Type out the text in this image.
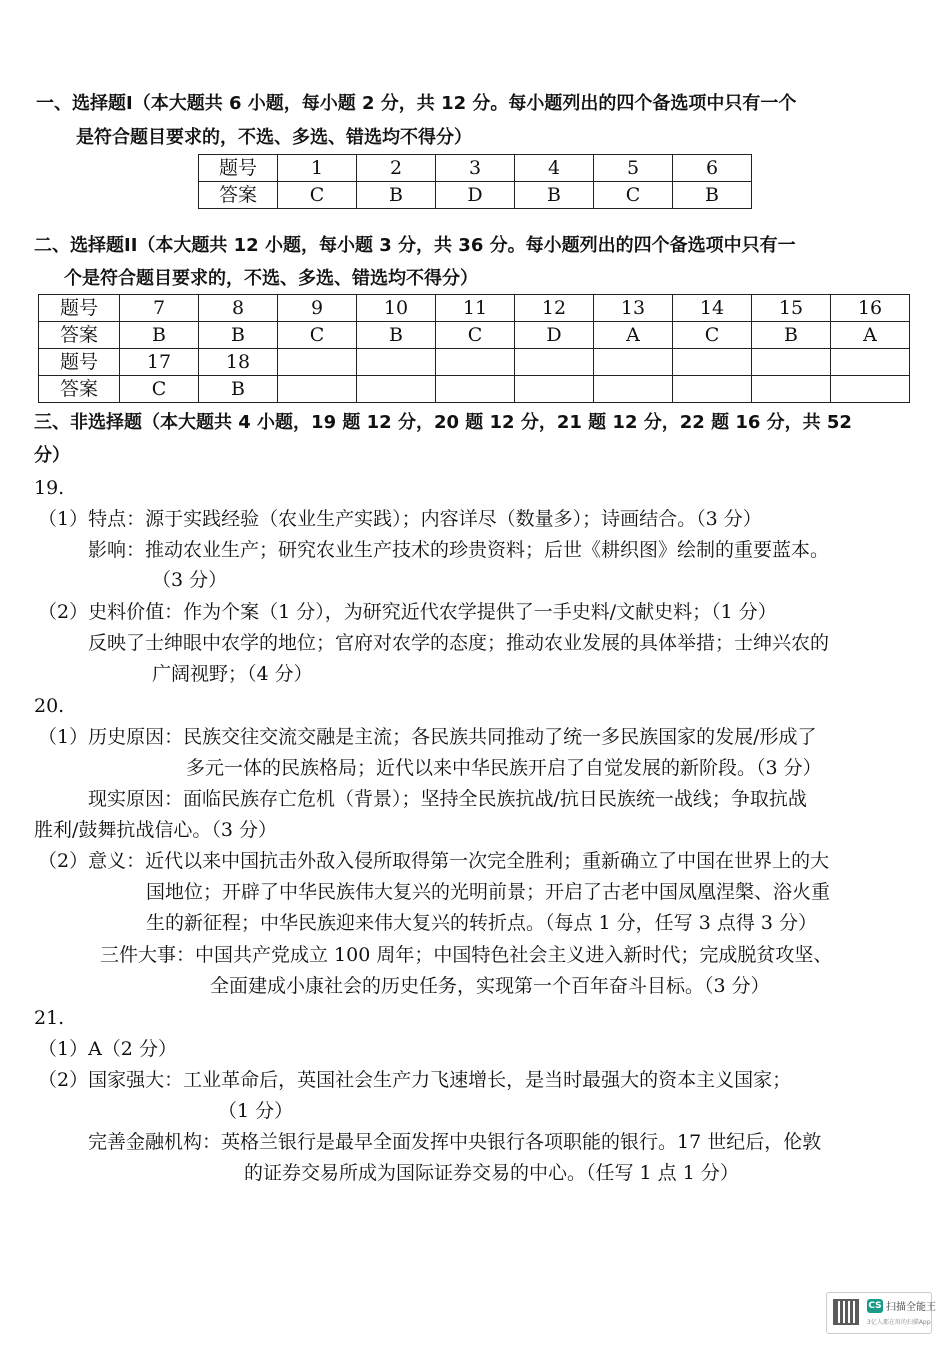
一、选择题I（本大题共 6 小题，每小题 2 分，共 12 分。每小题列出的四个备选项中只有一个
是符合题目要求的，不选、多选、错选均不得分）
题号	1	2	3	4	5	6
答案	C	B	D	B	C	B
二、选择题II（本大题共 12 小题，每小题 3 分，共 36 分。每小题列出的四个备选项中只有一
个是符合题目要求的，不选、多选、错选均不得分）
题号	7	8	9	10	11	12	13	14	15	16
答案	B	B	C	B	C	D	A	C	B	A
题号	17	18								
答案	C	B								
三、非选择题（本大题共 4 小题，19 题 12 分，20 题 12 分，21 题 12 分，22 题 16 分，共 52
分）
19.
（1）特点：源于实践经验（农业生产实践）；内容详尽（数量多）；诗画结合。（3 分）
影响：推动农业生产；研究农业生产技术的珍贵资料；后世《耕织图》绘制的重要蓝本。
（3 分）
（2）史料价值：作为个案（1 分），为研究近代农学提供了一手史料/文献史料；（1 分）
反映了士绅眼中农学的地位；官府对农学的态度；推动农业发展的具体举措；士绅兴农的
广阔视野；（4 分）
20.
（1）历史原因：民族交往交流交融是主流；各民族共同推动了统一多民族国家的发展/形成了
多元一体的民族格局；近代以来中华民族开启了自觉发展的新阶段。（3 分）
现实原因：面临民族存亡危机（背景）；坚持全民族抗战/抗日民族统一战线；争取抗战
胜利/鼓舞抗战信心。（3 分）
（2）意义：近代以来中国抗击外敌入侵所取得第一次完全胜利；重新确立了中国在世界上的大
国地位；开辟了中华民族伟大复兴的光明前景；开启了古老中国凤凰涅槃、浴火重
生的新征程；中华民族迎来伟大复兴的转折点。（每点 1 分，任写 3 点得 3 分）
三件大事：中国共产党成立 100 周年；中国特色社会主义进入新时代；完成脱贫攻坚、
全面建成小康社会的历史任务，实现第一个百年奋斗目标。（3 分）
21.
（1）A（2 分）
（2）国家强大：工业革命后，英国社会生产力飞速增长，是当时最强大的资本主义国家；
（1 分）
完善金融机构：英格兰银行是最早全面发挥中央银行各项职能的银行。17 世纪后，伦敦
的证券交易所成为国际证券交易的中心。（任写 1 点 1 分）
CS 扫描全能王
3亿人都在用的扫描App
